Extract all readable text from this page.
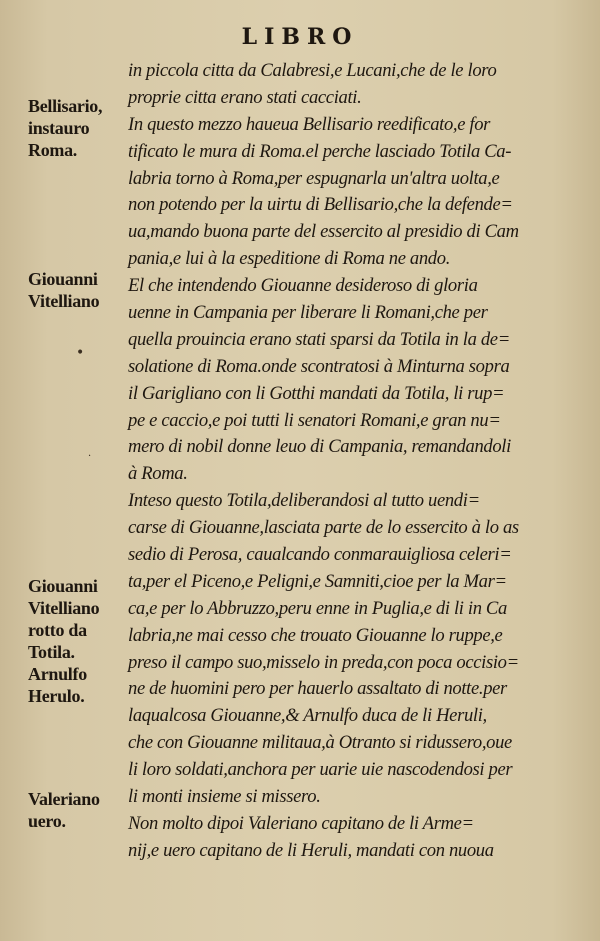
LIBRO
Bellisario,
instauro
Roma.
Giouanni
Vitelliano
Giouanni
Vitelliano
rotto da
Totila.
Arnulfo
Herulo.
Valeriano
uero.
•
·
in piccola citta da Calabresi,e Lucani,che de le loro
proprie citta erano stati cacciati.
In questo mezzo haueua Bellisario reedificato,e for
tificato le mura di Roma.el perche lasciado Totila Ca-
labria torno à Roma,per espugnarla un'altra uolta,e
non potendo per la uirtu di Bellisario,che la defende=
ua,mando buona parte del essercito al presidio di Cam
pania,e lui à la espeditione di Roma ne ando.
El che intendendo Giouanne desideroso di gloria
uenne in Campania per liberare li Romani,che per
quella prouincia erano stati sparsi da Totila in la de=
solatione di Roma.onde scontratosi à Minturna sopra
il Garigliano con li Gotthi mandati da Totila, li rup=
pe e caccio,e poi tutti li senatori Romani,e gran nu=
mero di nobil donne leuo di Campania, remandandoli
à Roma.
Inteso questo Totila,deliberandosi al tutto uendi=
carse di Giouanne,lasciata parte de lo essercito à lo as
sedio di Perosa, caualcando conmarauigliosa celeri=
ta,per el Piceno,e Peligni,e Samniti,cioe per la Mar=
ca,e per lo Abbruzzo,peru enne in Puglia,e di li in Ca
labria,ne mai cesso che trouato Giouanne lo ruppe,e
preso il campo suo,misselo in preda,con poca occisio=
ne de huomini pero per hauerlo assaltato di notte.per
laqualcosa Giouanne,& Arnulfo duca de li Heruli,
che con Giouanne militaua,à Otranto si ridussero,oue
li loro soldati,anchora per uarie uie nascodendosi per
li monti insieme si missero.
Non molto dipoi Valeriano capitano de li Arme=
nij,e uero capitano de li Heruli, mandati con nuoua
